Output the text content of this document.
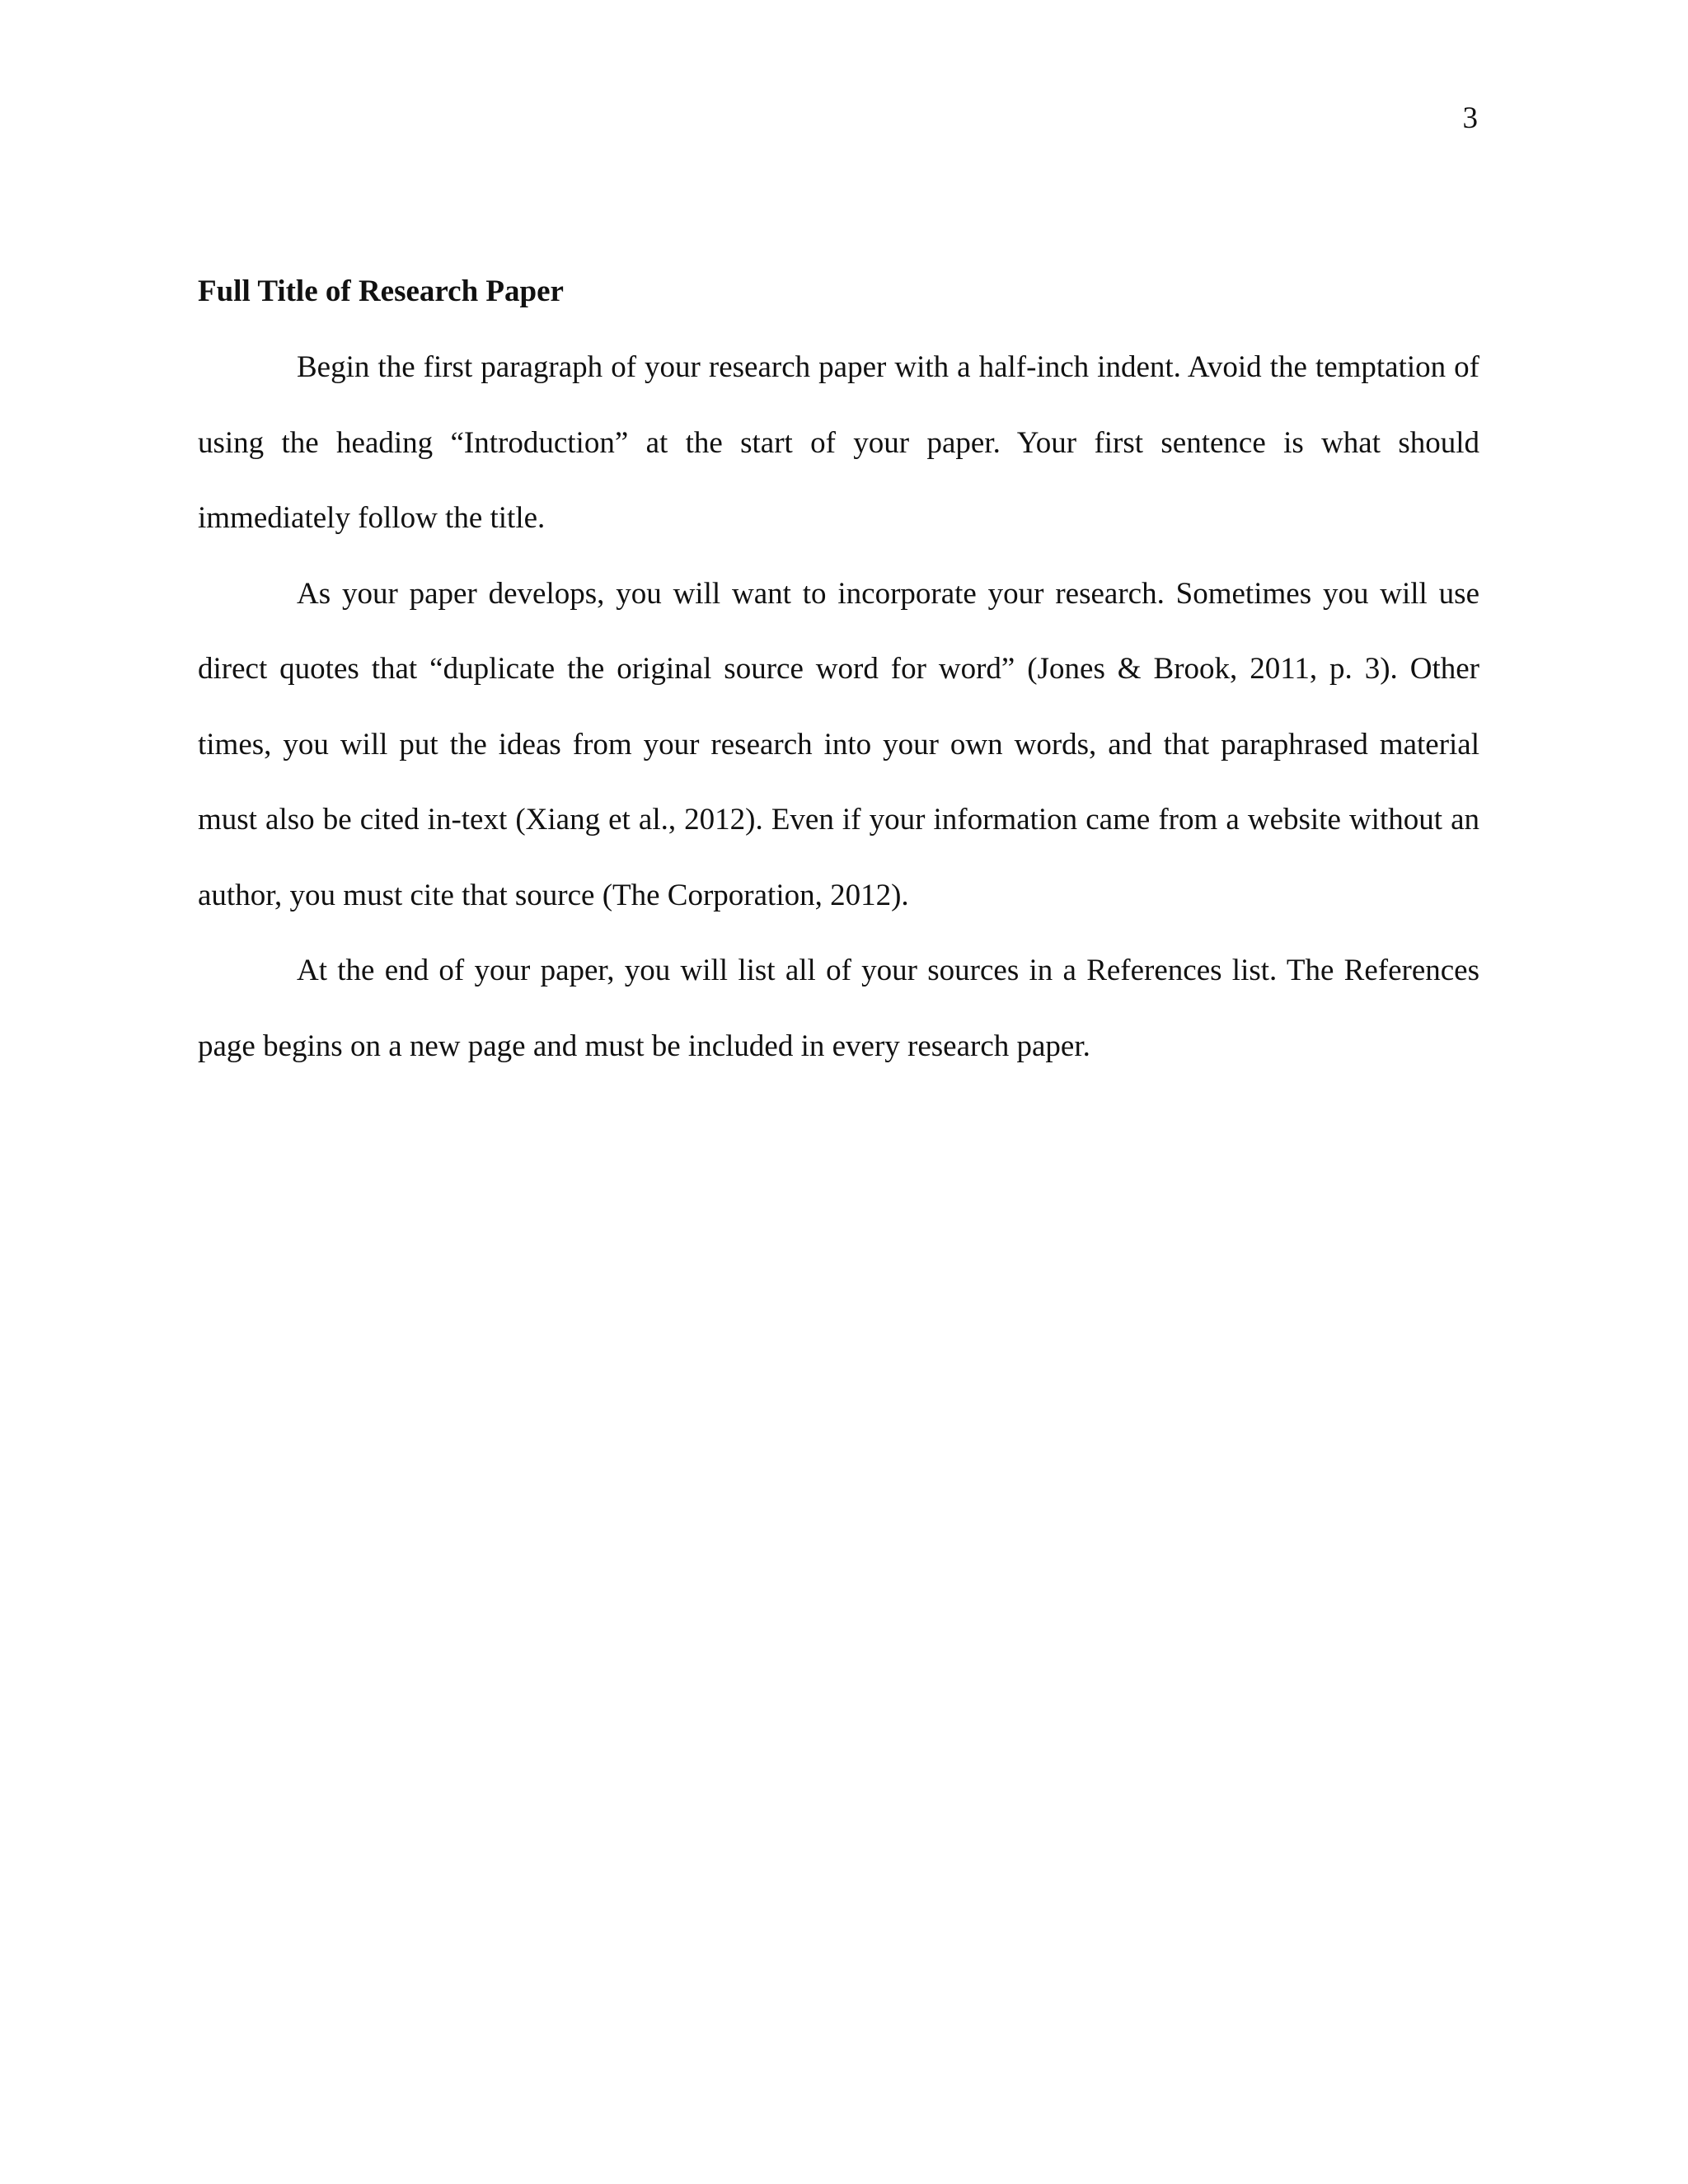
3

Full Title of Research Paper

Begin the first paragraph of your research paper with a half-inch indent. Avoid the temptation of using the heading “Introduction” at the start of your paper. Your first sentence is what should immediately follow the title.

As your paper develops, you will want to incorporate your research. Sometimes you will use direct quotes that “duplicate the original source word for word” (Jones & Brook, 2011, p. 3). Other times, you will put the ideas from your research into your own words, and that paraphrased material must also be cited in-text (Xiang et al., 2012). Even if your information came from a website without an author, you must cite that source (The Corporation, 2012).

At the end of your paper, you will list all of your sources in a References list. The References page begins on a new page and must be included in every research paper.
